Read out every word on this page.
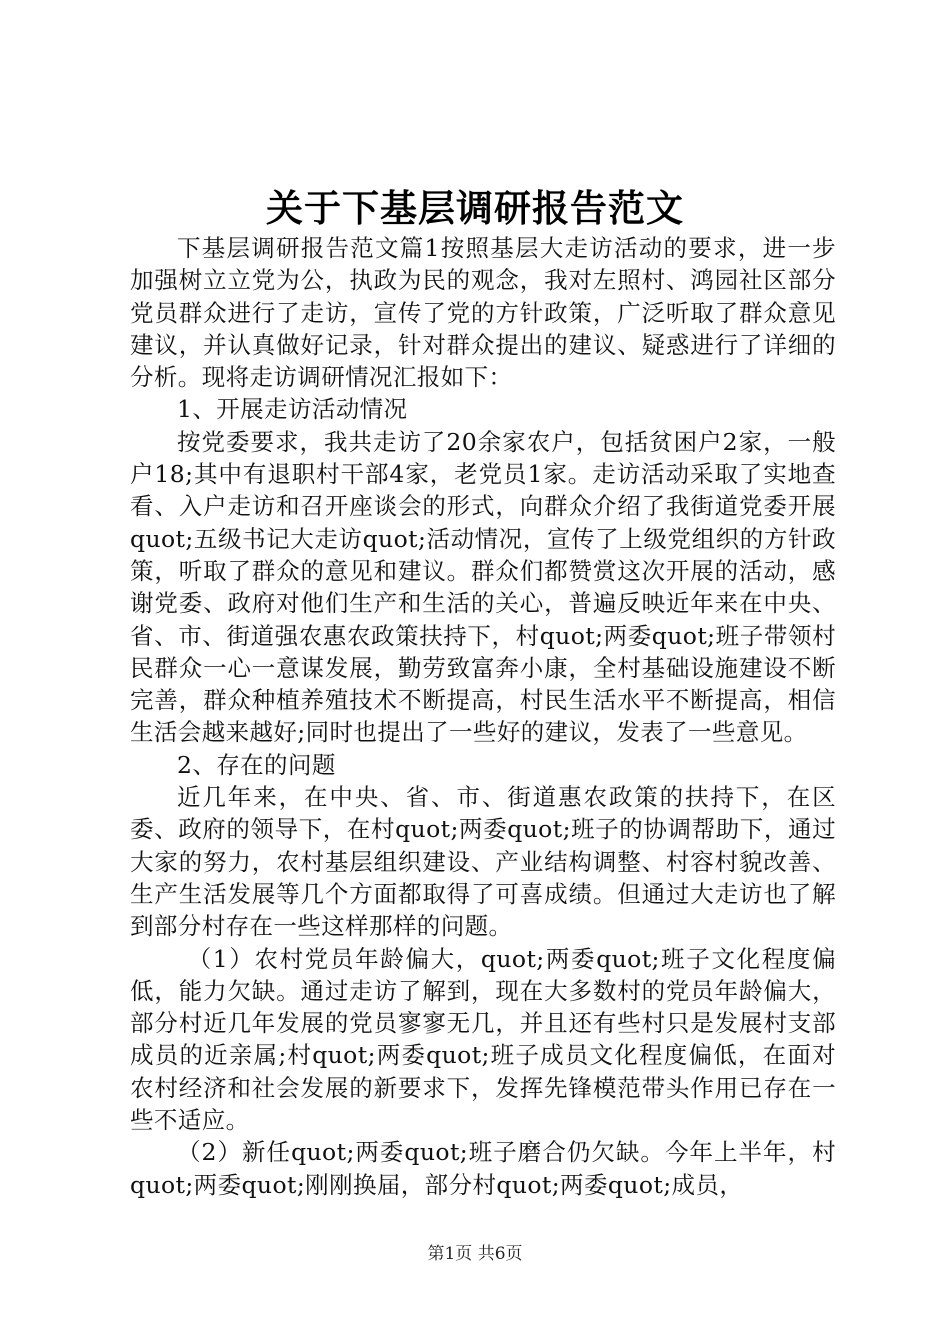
关于下基层调研报告范文

下基层调研报告范文篇1按照基层大走访活动的要求，进一步加强树立立党为公，执政为民的观念，我对左照村、鸿园社区部分党员群众进行了走访，宣传了党的方针政策，广泛听取了群众意见建议，并认真做好记录，针对群众提出的建议、疑惑进行了详细的分析。现将走访调研情况汇报如下：

1、开展走访活动情况

按党委要求，我共走访了20余家农户，包括贫困户2家，一般户18;其中有退职村干部4家，老党员1家。走访活动采取了实地查看、入户走访和召开座谈会的形式，向群众介绍了我街道党委开展quot;五级书记大走访quot;活动情况，宣传了上级党组织的方针政策，听取了群众的意见和建议。群众们都赞赏这次开展的活动，感谢党委、政府对他们生产和生活的关心，普遍反映近年来在中央、省、市、街道强农惠农政策扶持下，村quot;两委quot;班子带领村民群众一心一意谋发展，勤劳致富奔小康，全村基础设施建设不断完善，群众种植养殖技术不断提高，村民生活水平不断提高，相信生活会越来越好;同时也提出了一些好的建议，发表了一些意见。

2、存在的问题

近几年来，在中央、省、市、街道惠农政策的扶持下，在区委、政府的领导下，在村quot;两委quot;班子的协调帮助下，通过大家的努力，农村基层组织建设、产业结构调整、村容村貌改善、生产生活发展等几个方面都取得了可喜成绩。但通过大走访也了解到部分村存在一些这样那样的问题。

（1）农村党员年龄偏大，quot;两委quot;班子文化程度偏低，能力欠缺。通过走访了解到，现在大多数村的党员年龄偏大，部分村近几年发展的党员寥寥无几，并且还有些村只是发展村支部成员的近亲属;村quot;两委quot;班子成员文化程度偏低，在面对农村经济和社会发展的新要求下，发挥先锋模范带头作用已存在一些不适应。

（2）新任quot;两委quot;班子磨合仍欠缺。今年上半年，村quot;两委quot;刚刚换届，部分村quot;两委quot;成员，

第1页 共6页
